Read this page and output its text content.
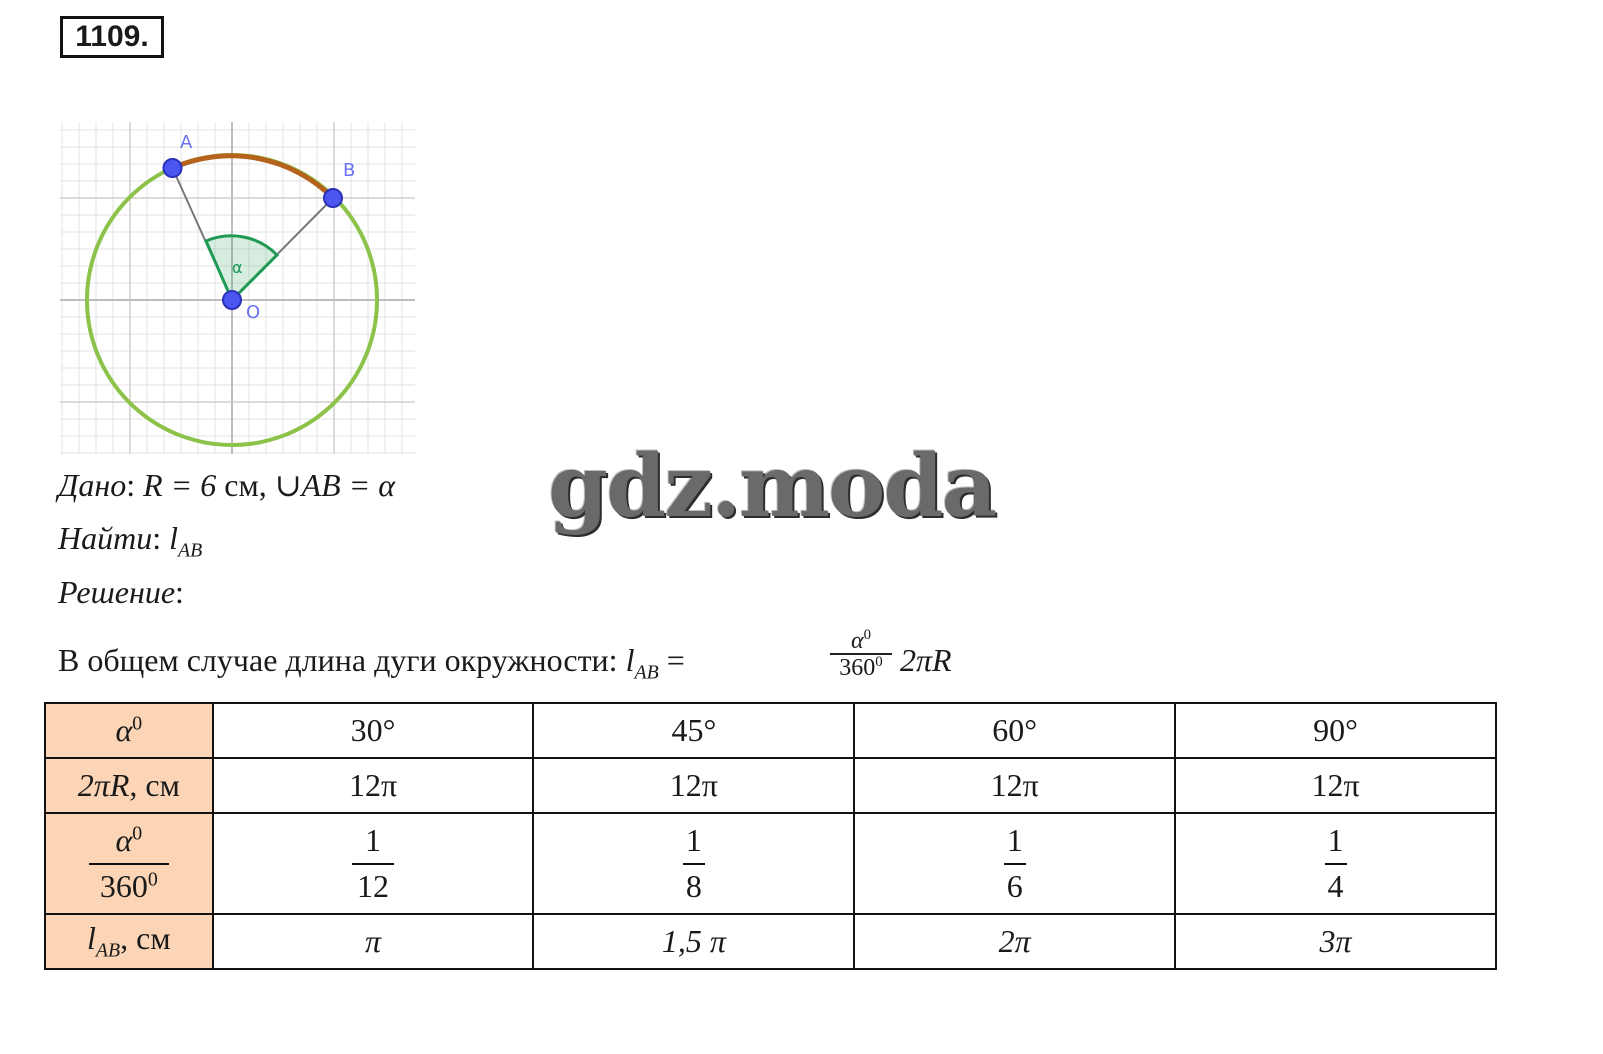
1109.
α
A
B
O
Дано: R = 6 см, ∪AB = α
Найти: $l_{AB}$
Решение:
В общем случае длина дуги окружности: $l_{AB}$ =
$\alpha^0$
$360^0$ 2πR
gdz.moda
$\alpha^0$	30°	45°	60°	90°
2πR, см	12π	12π	12π	12π

$\frac{\alpha^0}{360^0}$	$\frac{1}{12}$	$\frac{1}{8}$	$\frac{1}{6}$	$\frac{1}{4}$

$l_{AB}$, см	π	1,5 π	2π	3π
